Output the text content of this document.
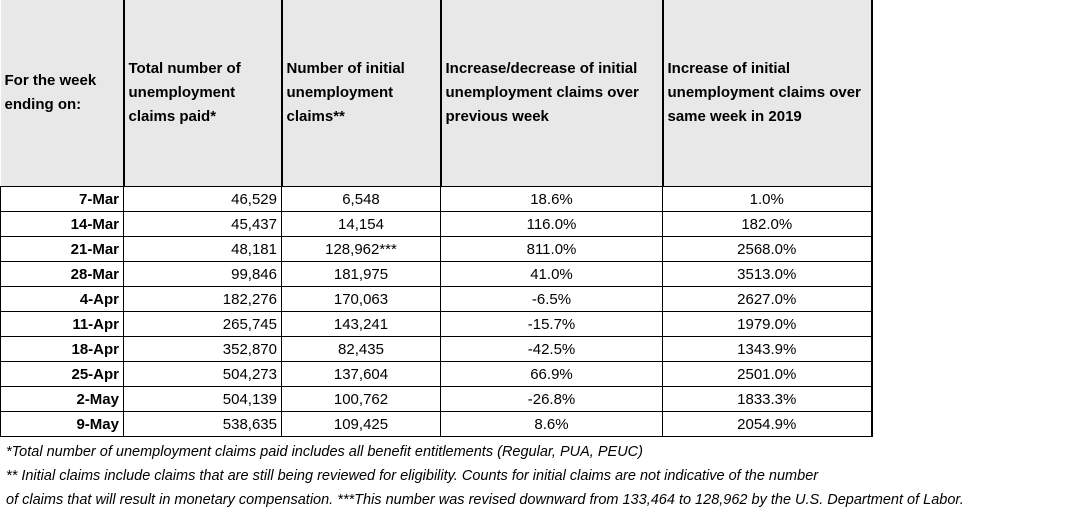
For the week ending on:	Total number of unemployment claims paid*	Number of initial unemployment claims**	Increase/decrease of initial unemployment claims over previous week	Increase of initial unemployment claims over same week in 2019
7-Mar	46,529	6,548	18.6%	1.0%
14-Mar	45,437	14,154	116.0%	182.0%
21-Mar	48,181	128,962***	811.0%	2568.0%
28-Mar	99,846	181,975	41.0%	3513.0%
4-Apr	182,276	170,063	-6.5%	2627.0%
11-Apr	265,745	143,241	-15.7%	1979.0%
18-Apr	352,870	82,435	-42.5%	1343.9%
25-Apr	504,273	137,604	66.9%	2501.0%
2-May	504,139	100,762	-26.8%	1833.3%
9-May	538,635	109,425	8.6%	2054.9%
*Total number of unemployment claims paid includes all benefit entitlements (Regular, PUA, PEUC)
** Initial claims include claims that are still being reviewed for eligibility. Counts for initial claims are not indicative of the number
of claims that will result in monetary compensation. ***This number was revised downward from 133,464 to 128,962 by the U.S. Department of Labor.
